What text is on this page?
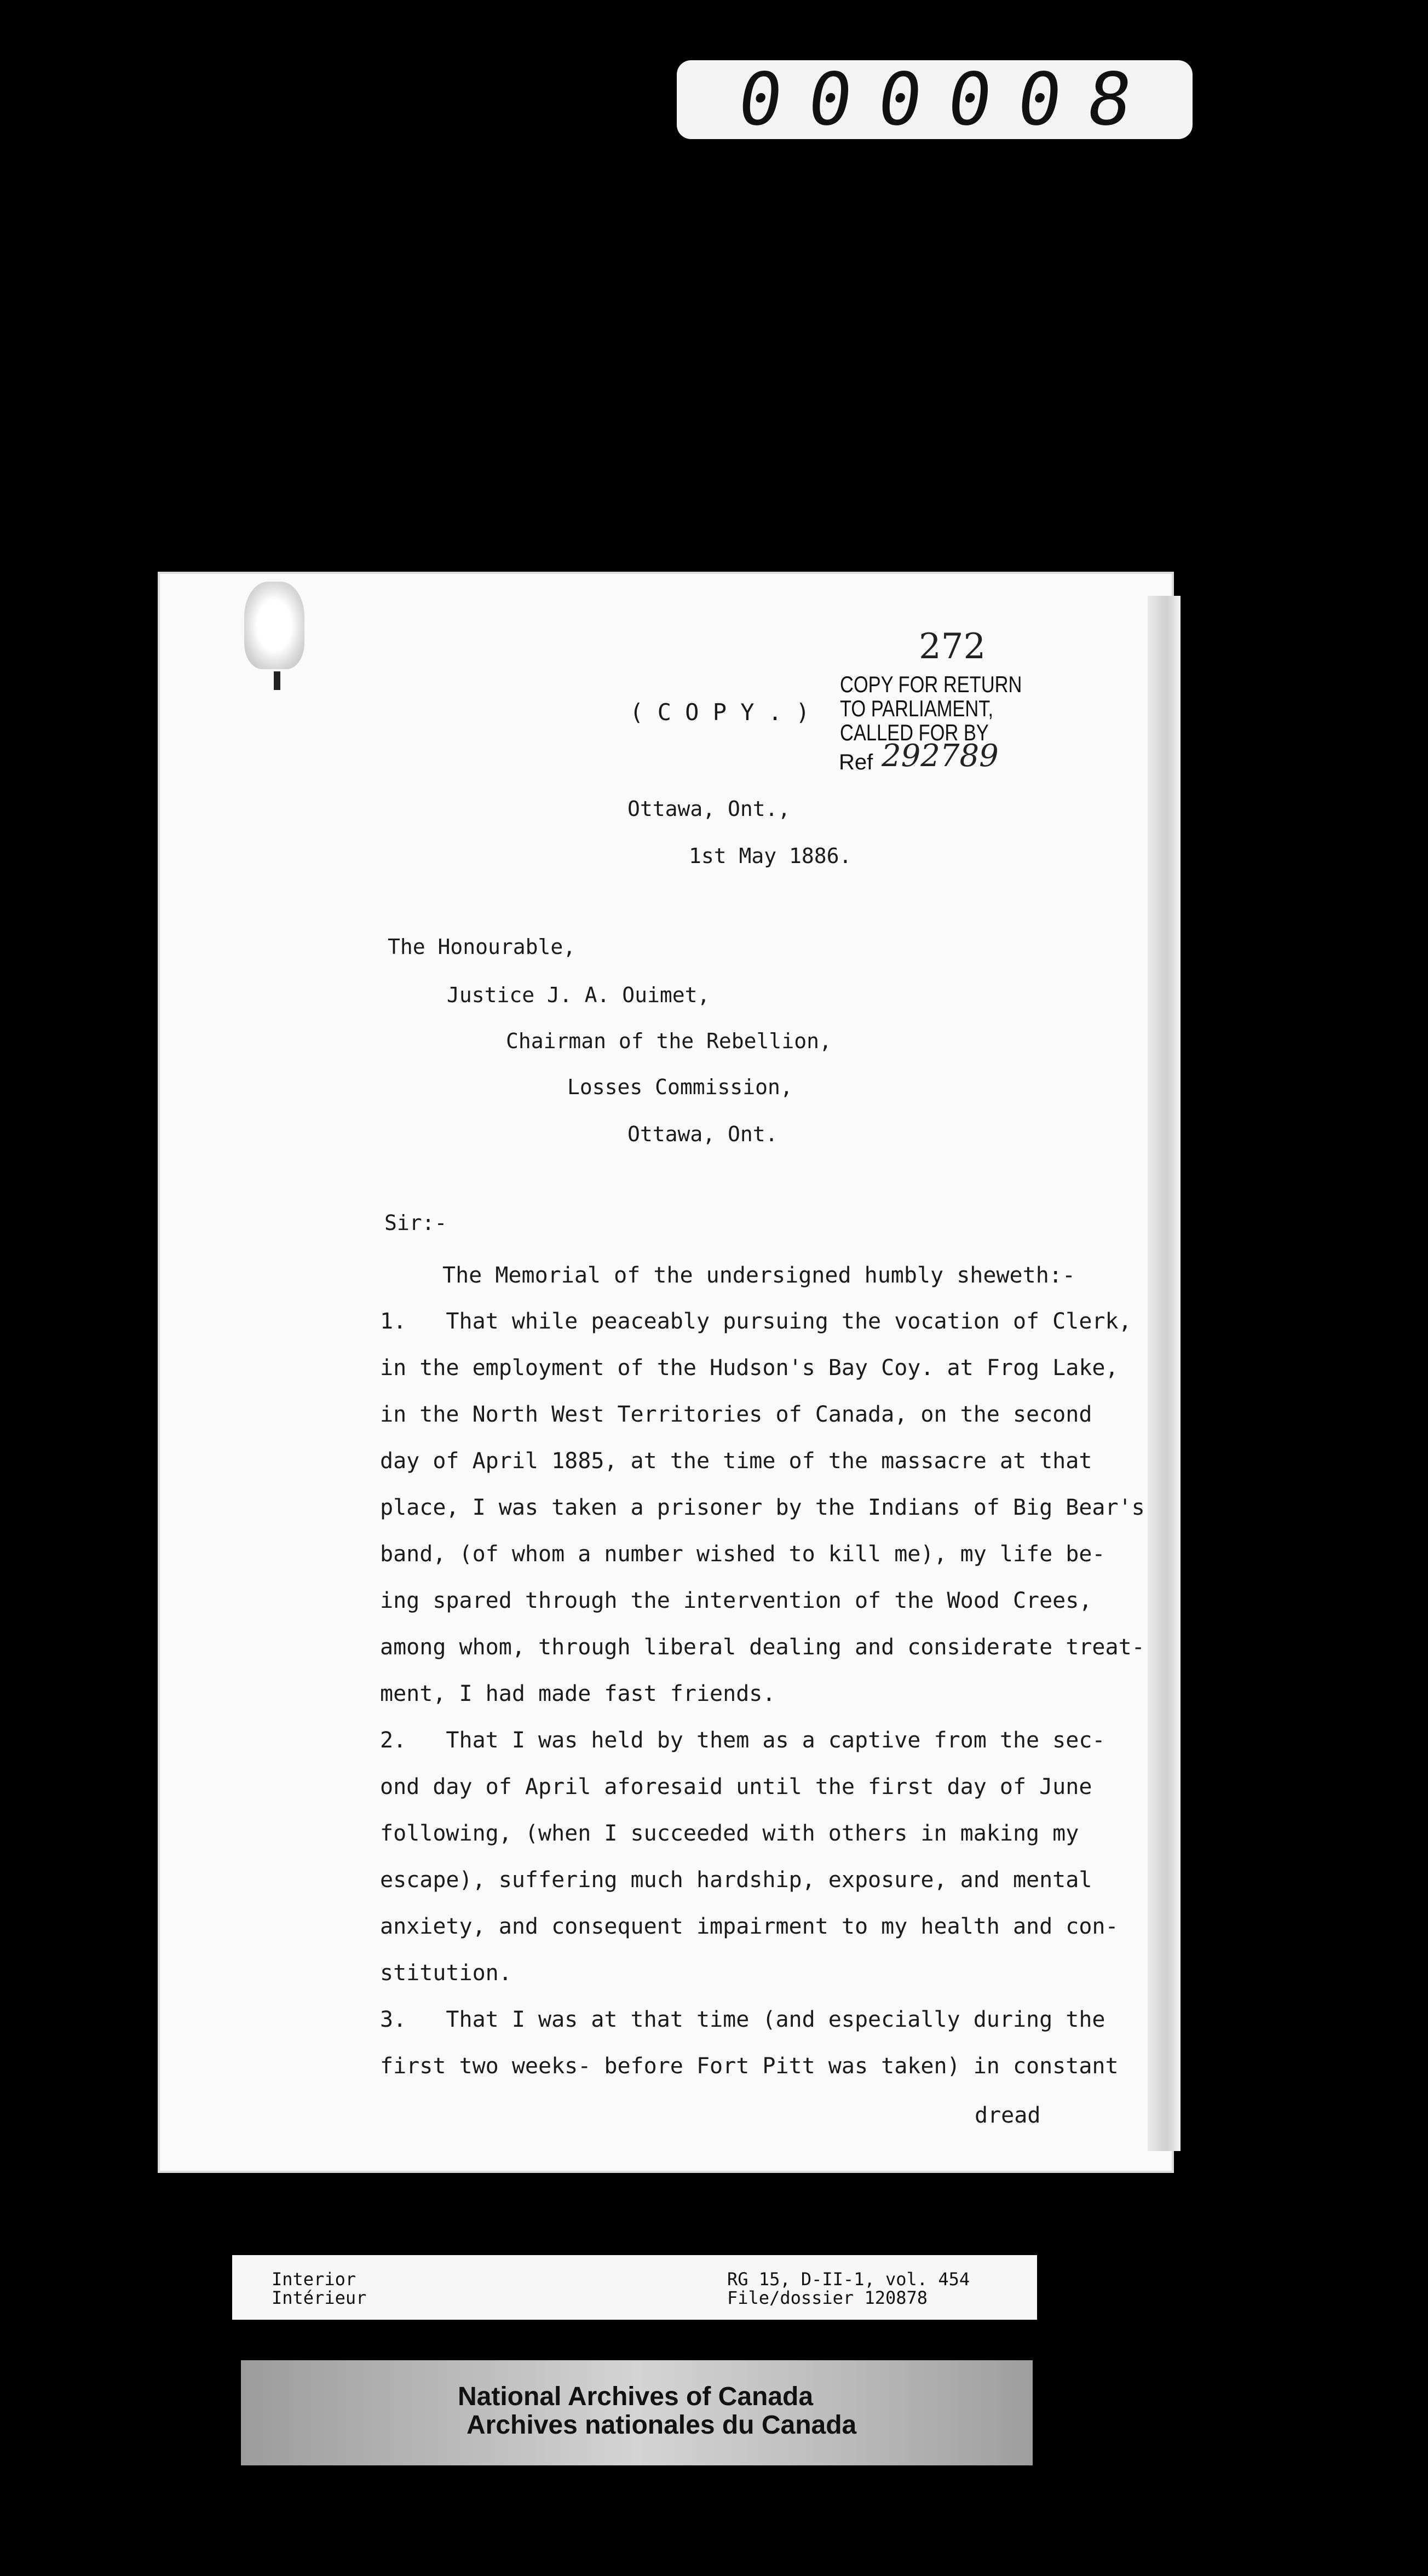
000008
272
COPY FOR RETURN
TO PARLIAMENT,
CALLED FOR BY
Ref 292789
( C O P Y . )
Ottawa, Ont.,
1st May 1886.
The Honourable,
Justice J. A. Ouimet,
Chairman of the Rebellion,
Losses Commission,
Ottawa, Ont.
Sir:-
The Memorial of the undersigned humbly sheweth:-
1.   That while peaceably pursuing the vocation of Clerk,
in the employment of the Hudson's Bay Coy. at Frog Lake,
in the North West Territories of Canada, on the second
day of April 1885, at the time of the massacre at that
place, I was taken a prisoner by the Indians of Big Bear's
band, (of whom a number wished to kill me), my life be-
ing spared through the intervention of the Wood Crees,
among whom, through liberal dealing and considerate treat-
ment, I had made fast friends.
2.   That I was held by them as a captive from the sec-
ond day of April aforesaid until the first day of June
following, (when I succeeded with others in making my
escape), suffering much hardship, exposure, and mental
anxiety, and consequent impairment to my health and con-
stitution.
3.   That I was at that time (and especially during the
first two weeks- before Fort Pitt was taken) in constant
dread
Interior
Intérieur
RG 15, D-II-1, vol. 454
File/dossier 120878
National Archives of Canada
Archives nationales du Canada
